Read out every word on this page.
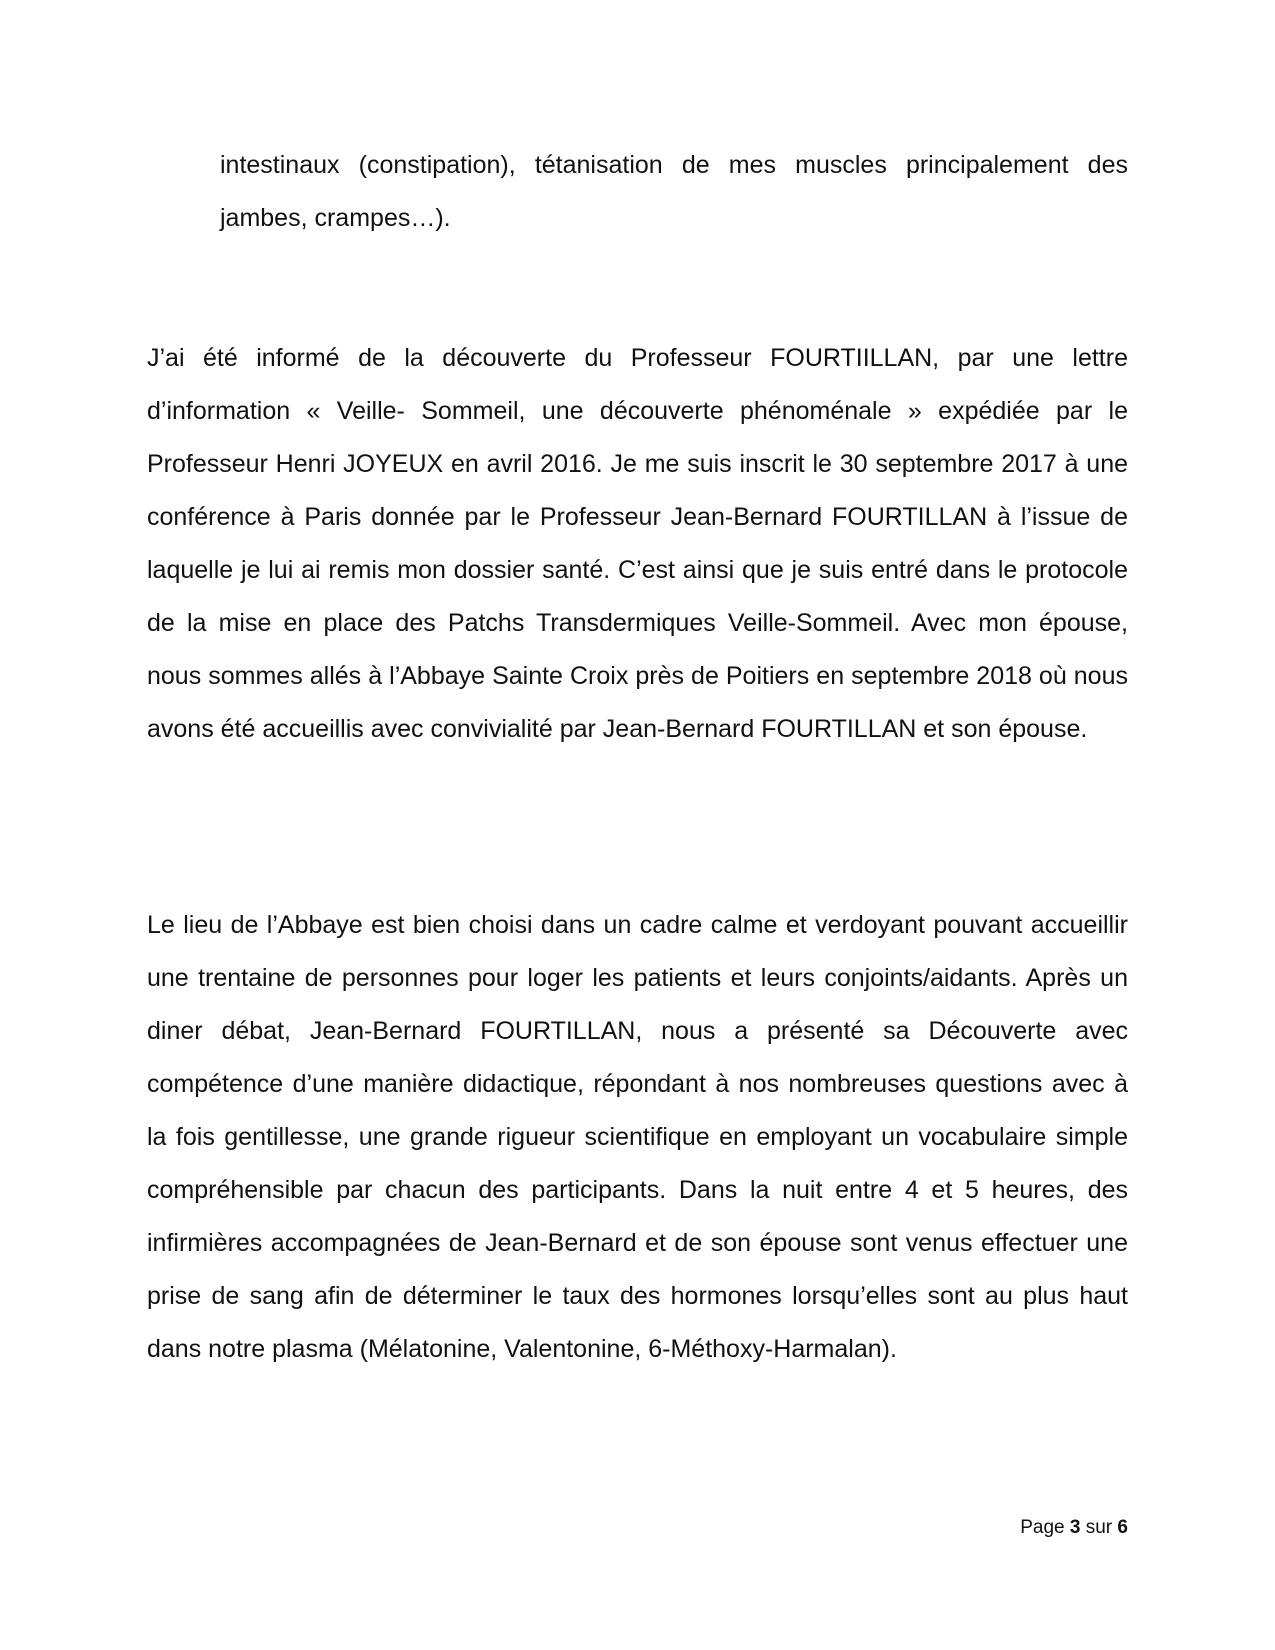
intestinaux (constipation), tétanisation de mes muscles principalement des jambes, crampes…).

J’ai été informé de la découverte du Professeur FOURTIILLAN, par une lettre d’information « Veille- Sommeil, une découverte phénoménale » expédiée par le Professeur Henri JOYEUX en avril 2016. Je me suis inscrit le 30 septembre 2017 à une conférence à Paris donnée par le Professeur Jean-Bernard FOURTILLAN à l’issue de laquelle je lui ai remis mon dossier santé. C’est ainsi que je suis entré dans le protocole de la mise en place des Patchs Transdermiques Veille-Sommeil. Avec mon épouse, nous sommes allés à l’Abbaye Sainte Croix près de Poitiers en septembre 2018 où nous avons été accueillis avec convivialité par Jean-Bernard FOURTILLAN et son épouse.

Le lieu de l’Abbaye est bien choisi dans un cadre calme et verdoyant pouvant accueillir une trentaine de personnes pour loger les patients et leurs conjoints/aidants. Après un diner débat, Jean-Bernard FOURTILLAN, nous a présenté sa Découverte avec compétence d’une manière didactique, répondant à nos nombreuses questions avec à la fois gentillesse, une grande rigueur scientifique en employant un vocabulaire simple compréhensible par chacun des participants. Dans la nuit entre 4 et 5 heures, des infirmières accompagnées de Jean-Bernard et de son épouse sont venus effectuer une prise de sang afin de déterminer le taux des hormones lorsqu’elles sont au plus haut dans notre plasma (Mélatonine, Valentonine, 6-Méthoxy-Harmalan).

Page 3 sur 6
